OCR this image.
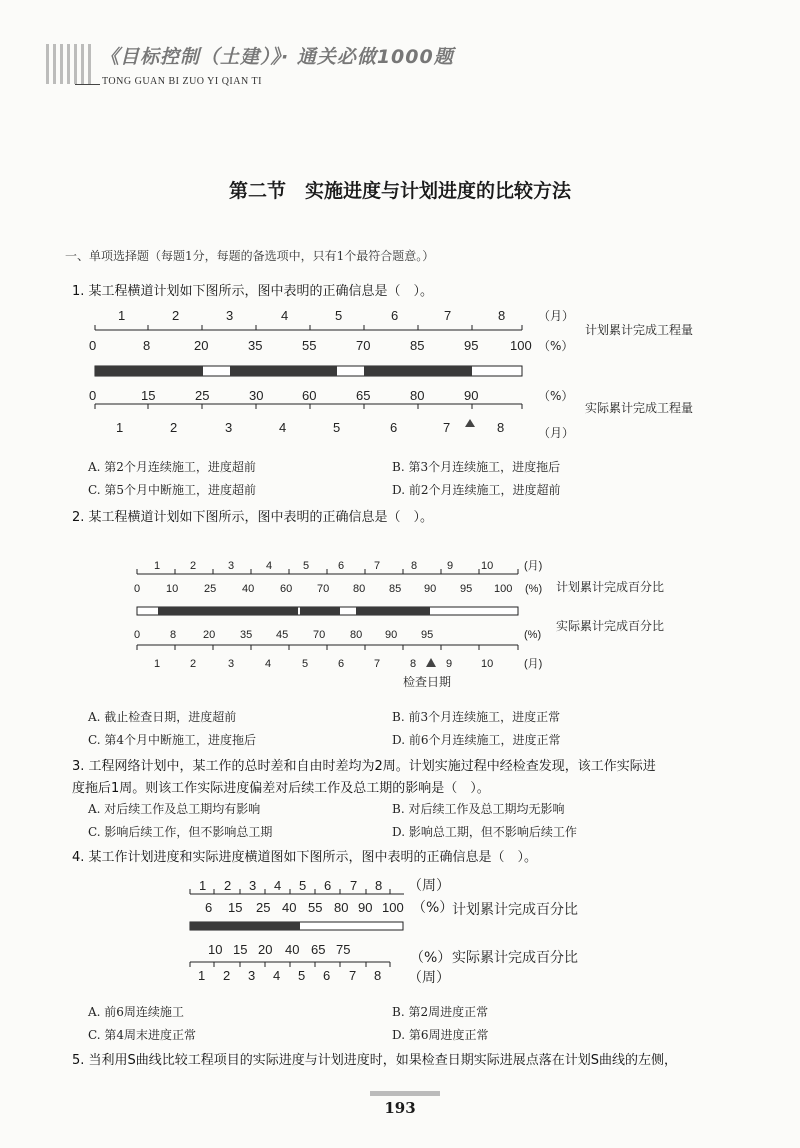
《目标控制（土建）》· 通关必做1000题
TONG GUAN BI ZUO YI QIAN TI
第二节　实施进度与计划进度的比较方法
一、单项选择题（每题1分，每题的备选项中，只有1个最符合题意。）
1. 某工程横道计划如下图所示，图中表明的正确信息是（　）。
1	2	3	4	5	6	7	8	（月）
0	8	20	35	55	70	85	95 100 （%）
计划累计完成工程量
0	15	25	30	60	65	80	90	（%）
实际累计完成工程量
1	2	3	4	5	6	7	8	（月）
1	2	3	4	5	6	7	8	9	10	(月)
0 10 25 40 60 70 80 85 90 95 100 (%) 计划累计完成百分比
0	8 20 35 45 70 80 90 95	(%)
实际累计完成百分比
1	2	3	4	5	6	7	8	9	10	(月)
检查日期
1 2 3 4 5 6 7 8 （周）
6 15 25 40 55 80 90 100 （%）
计划累计完成百分比
10 15 20 40 65 75
（%） 实际累计完成百分比
1 2 3 4 5 6 7 8 （周）
A. 第2个月连续施工，进度超前	B. 第3个月连续施工，进度拖后
C. 第5个月中断施工，进度超前	D. 前2个月连续施工，进度超前
2. 某工程横道计划如下图所示，图中表明的正确信息是（　）。
A. 截止检查日期，进度超前	B. 前3个月连续施工，进度正常
C. 第4个月中断施工，进度拖后	D. 前6个月连续施工，进度正常
3. 工程网络计划中，某工作的总时差和自由时差均为2周。计划实施过程中经检查发现，该工作实际进
度拖后1周。则该工作实际进度偏差对后续工作及总工期的影响是（　）。
A. 对后续工作及总工期均有影响	B. 对后续工作及总工期均无影响
C. 影响后续工作，但不影响总工期	D. 影响总工期，但不影响后续工作
4. 某工作计划进度和实际进度横道图如下图所示，图中表明的正确信息是（　）。
A. 前6周连续施工	B. 第2周进度正常
C. 第4周末进度正常	D. 第6周进度正常
5. 当利用S曲线比较工程项目的实际进度与计划进度时，如果检查日期实际进展点落在计划S曲线的左侧，
193
